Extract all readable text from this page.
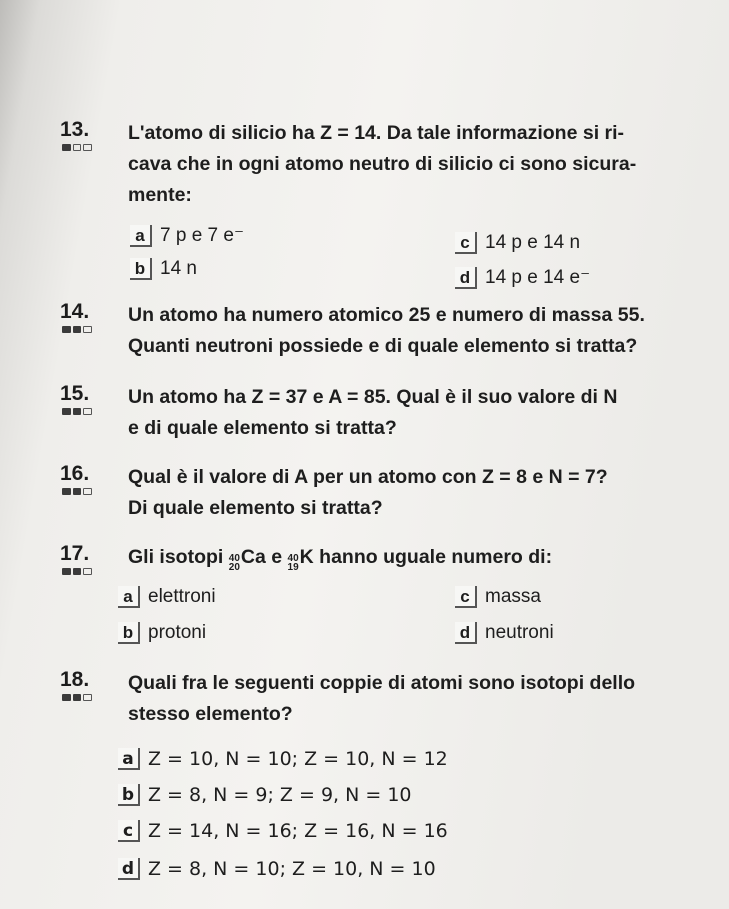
13.	L'atomo di silicio ha Z = 14. Da tale informazione si ri-
cava che in ogni atomo neutro di silicio ci sono sicura-
mente:
a 7 p e 7 e⁻
b 14 n
c 14 p e 14 n
d 14 p e 14 e⁻
14.	Un atomo ha numero atomico 25 e numero di massa 55.
Quanti neutroni possiede e di quale elemento si tratta?
15.	Un atomo ha Z = 37 e A = 85. Qual è il suo valore di N
e di quale elemento si tratta?
16.	Qual è il valore di A per un atomo con Z = 8 e N = 7?
Di quale elemento si tratta?
17.	Gli isotopi 40
20 Ca e 40
19 K hanno uguale numero di:
a elettroni
b protoni
c massa
d neutroni
18.	Quali fra le seguenti coppie di atomi sono isotopi dello
stesso elemento?
a Z = 10, N = 10; Z = 10, N = 12
b Z = 8, N = 9; Z = 9, N = 10
c Z = 14, N = 16; Z = 16, N = 16
d Z = 8, N = 10; Z = 10, N = 10
